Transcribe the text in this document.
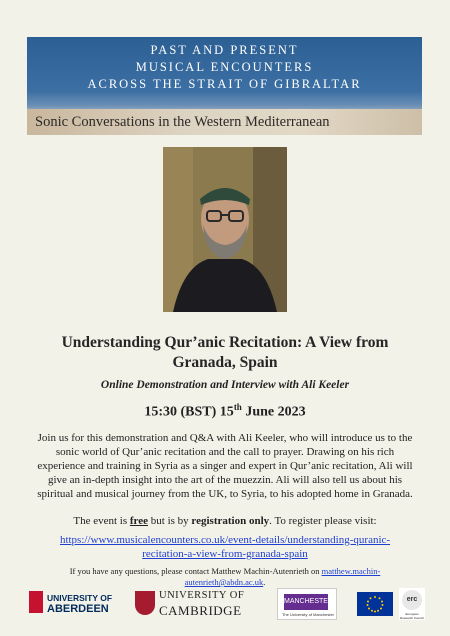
PAST AND PRESENT
MUSICAL ENCOUNTERS
ACROSS THE STRAIT OF GIBRALTAR
Sonic Conversations in the Western Mediterranean
Understanding Qur’anic Recitation: A View from
Granada, Spain
Online Demonstration and Interview with Ali Keeler
15:30 (BST) 15th June 2023
Join us for this demonstration and Q&A with Ali Keeler, who will introduce us to the sonic world of Qur’anic recitation and the call to prayer. Drawing on his rich experience and training in Syria as a singer and expert in Qur’anic recitation, Ali will give an in-depth insight into the art of the muezzin. Ali will also tell us about his spiritual and musical journey from the UK, to Syria, to his adopted home in Granada.
The event is free but is by registration only. To register please visit:
https://www.musicalencounters.co.uk/event-details/understanding-quranic-
recitation-a-view-from-granada-spain
If you have any questions, please contact Matthew Machin-Autenrieth on matthew.machin-
autenrieth@abdn.ac.uk.
UNIVERSITY OF
ABERDEEN
UNIVERSITY OF
CAMBRIDGE
MANCHESTER
The University of Manchester
erc
European Research Council
